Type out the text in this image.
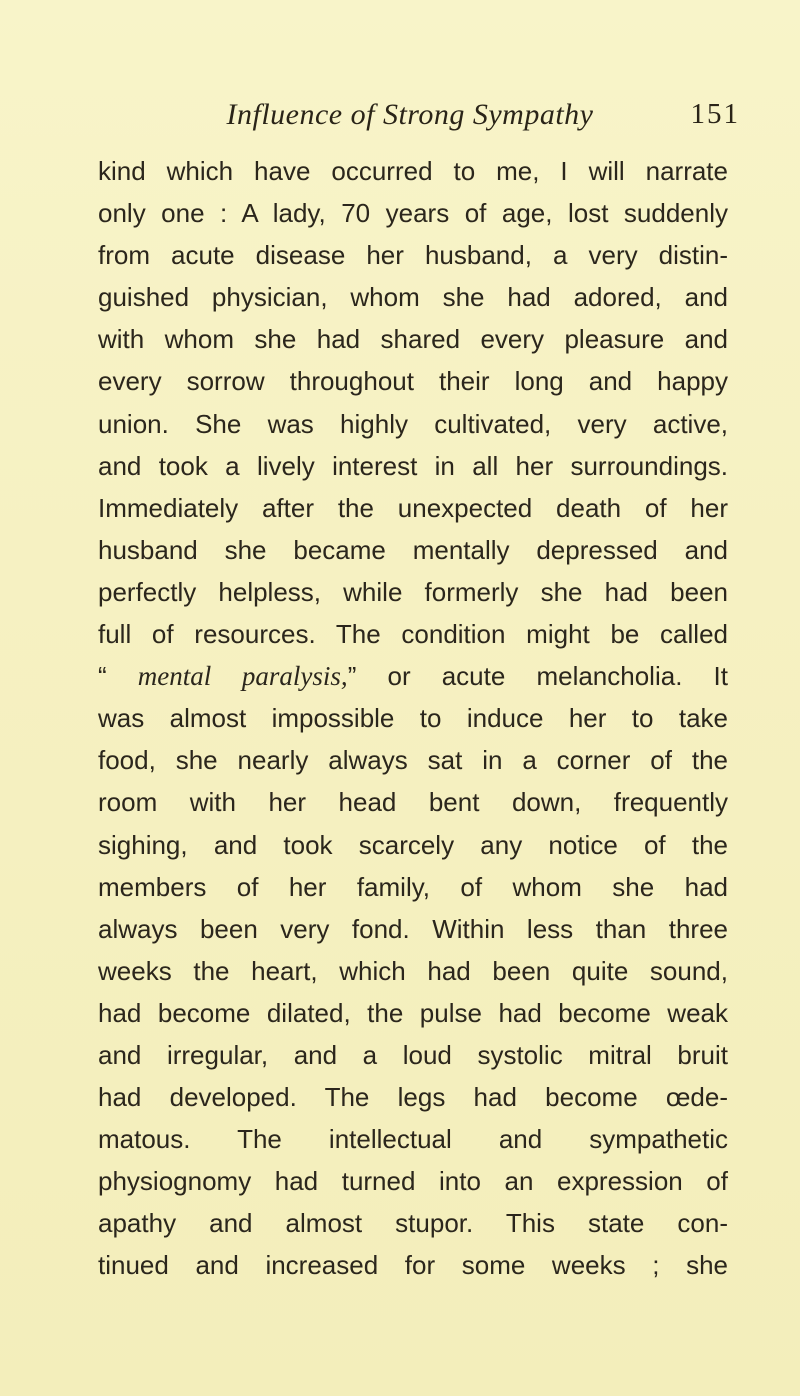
Influence of Strong Sympathy	151
kind which have occurred to me, I will narrate
only one : A lady, 70 years of age, lost suddenly
from acute disease her husband, a very distin-
guished physician, whom she had adored, and
with whom she had shared every pleasure and
every sorrow throughout their long and happy
union. She was highly cultivated, very active,
and took a lively interest in all her surroundings.
Immediately after the unexpected death of her
husband she became mentally depressed and
perfectly helpless, while formerly she had been
full of resources. The condition might be called
“ mental paralysis,” or acute melancholia. It
was almost impossible to induce her to take
food, she nearly always sat in a corner of the
room with her head bent down, frequently
sighing, and took scarcely any notice of the
members of her family, of whom she had
always been very fond. Within less than three
weeks the heart, which had been quite sound,
had become dilated, the pulse had become weak
and irregular, and a loud systolic mitral bruit
had developed. The legs had become œde-
matous. The intellectual and sympathetic
physiognomy had turned into an expression of
apathy and almost stupor. This state con-
tinued and increased for some weeks ; she
